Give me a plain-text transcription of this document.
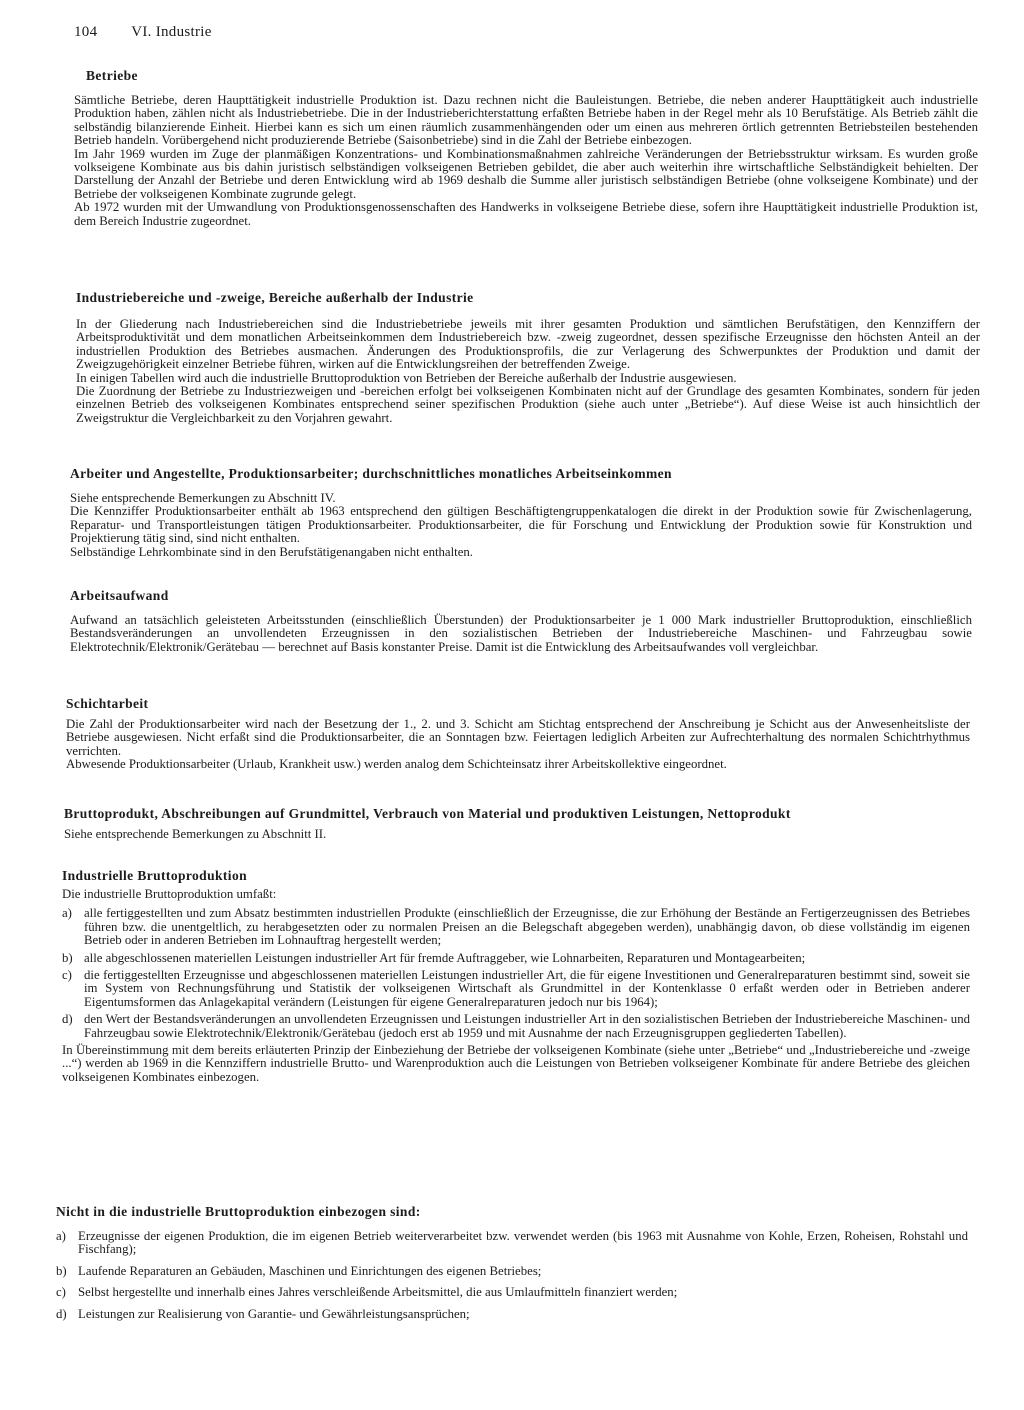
104 VI. Industrie
Betriebe

Sämtliche Betriebe, deren Haupttätigkeit industrielle Produktion ist. Dazu rechnen nicht die Bauleistungen. Betriebe, die neben anderer Haupttätigkeit auch industrielle Produktion haben, zählen nicht als Industriebetriebe. Die in der Industrieberichterstattung erfaßten Betriebe haben in der Regel mehr als 10 Berufstätige. Als Betrieb zählt die selbständig bilanzierende Einheit. Hierbei kann es sich um einen räumlich zusammenhängenden oder um einen aus mehreren örtlich getrennten Betriebsteilen bestehenden Betrieb handeln. Vorübergehend nicht produzierende Betriebe (Saisonbetriebe) sind in die Zahl der Betriebe einbezogen.

Im Jahr 1969 wurden im Zuge der planmäßigen Konzentrations- und Kombinationsmaßnahmen zahlreiche Veränderungen der Betriebsstruktur wirksam. Es wurden große volkseigene Kombinate aus bis dahin juristisch selbständigen volkseigenen Betrieben gebildet, die aber auch weiterhin ihre wirtschaftliche Selbständigkeit behielten. Der Darstellung der Anzahl der Betriebe und deren Entwicklung wird ab 1969 deshalb die Summe aller juristisch selbständigen Betriebe (ohne volkseigene Kombinate) und der Betriebe der volkseigenen Kombinate zugrunde gelegt.

Ab 1972 wurden mit der Umwandlung von Produktionsgenossenschaften des Handwerks in volkseigene Betriebe diese, sofern ihre Haupttätigkeit industrielle Produktion ist, dem Bereich Industrie zugeordnet.

Industriebereiche und -zweige, Bereiche außerhalb der Industrie

In der Gliederung nach Industriebereichen sind die Industriebetriebe jeweils mit ihrer gesamten Produktion und sämtlichen Berufstätigen, den Kennziffern der Arbeitsproduktivität und dem monatlichen Arbeitseinkommen dem Industriebereich bzw. -zweig zugeordnet, dessen spezifische Erzeugnisse den höchsten Anteil an der industriellen Produktion des Betriebes ausmachen. Änderungen des Produktionsprofils, die zur Verlagerung des Schwerpunktes der Produktion und damit der Zweigzugehörigkeit einzelner Betriebe führen, wirken auf die Entwicklungsreihen der betreffenden Zweige.

In einigen Tabellen wird auch die industrielle Bruttoproduktion von Betrieben der Bereiche außerhalb der Industrie ausgewiesen.

Die Zuordnung der Betriebe zu Industriezweigen und -bereichen erfolgt bei volkseigenen Kombinaten nicht auf der Grundlage des gesamten Kombinates, sondern für jeden einzelnen Betrieb des volkseigenen Kombinates entsprechend seiner spezifischen Produktion (siehe auch unter „Betriebe“). Auf diese Weise ist auch hinsichtlich der Zweigstruktur die Vergleichbarkeit zu den Vorjahren gewahrt.

Arbeiter und Angestellte, Produktionsarbeiter; durchschnittliches monatliches Arbeitseinkommen

Siehe entsprechende Bemerkungen zu Abschnitt IV.

Die Kennziffer Produktionsarbeiter enthält ab 1963 entsprechend den gültigen Beschäftigtengruppenkatalogen die direkt in der Produktion sowie für Zwischenlagerung, Reparatur- und Transportleistungen tätigen Produktionsarbeiter. Produktionsarbeiter, die für Forschung und Entwicklung der Produktion sowie für Konstruktion und Projektierung tätig sind, sind nicht enthalten.

Selbständige Lehrkombinate sind in den Berufstätigenangaben nicht enthalten.

Arbeitsaufwand

Aufwand an tatsächlich geleisteten Arbeitsstunden (einschließlich Überstunden) der Produktionsarbeiter je 1 000 Mark industrieller Bruttoproduktion, einschließlich Bestandsveränderungen an unvollendeten Erzeugnissen in den sozialistischen Betrieben der Industriebereiche Maschinen- und Fahrzeugbau sowie Elektrotechnik/Elektronik/Gerätebau — berechnet auf Basis konstanter Preise. Damit ist die Entwicklung des Arbeitsaufwandes voll vergleichbar.

Schichtarbeit

Die Zahl der Produktionsarbeiter wird nach der Besetzung der 1., 2. und 3. Schicht am Stichtag entsprechend der Anschreibung je Schicht aus der Anwesenheitsliste der Betriebe ausgewiesen. Nicht erfaßt sind die Produktionsarbeiter, die an Sonntagen bzw. Feiertagen lediglich Arbeiten zur Aufrechterhaltung des normalen Schichtrhythmus verrichten.

Abwesende Produktionsarbeiter (Urlaub, Krankheit usw.) werden analog dem Schichteinsatz ihrer Arbeitskollektive eingeordnet.

Bruttoprodukt, Abschreibungen auf Grundmittel, Verbrauch von Material und produktiven Leistungen, Nettoprodukt

Siehe entsprechende Bemerkungen zu Abschnitt II.

Industrielle Bruttoproduktion

Die industrielle Bruttoproduktion umfaßt:

a) alle fertiggestellten und zum Absatz bestimmten industriellen Produkte (einschließlich der Erzeugnisse, die zur Erhöhung der Bestände an Fertigerzeugnissen des Betriebes führen bzw. die unentgeltlich, zu herabgesetzten oder zu normalen Preisen an die Belegschaft abgegeben werden), unabhängig davon, ob diese vollständig im eigenen Betrieb oder in anderen Betrieben im Lohnauftrag hergestellt werden;
b) alle abgeschlossenen materiellen Leistungen industrieller Art für fremde Auftraggeber, wie Lohnarbeiten, Reparaturen und Montagearbeiten;
c) die fertiggestellten Erzeugnisse und abgeschlossenen materiellen Leistungen industrieller Art, die für eigene Investitionen und Generalreparaturen bestimmt sind, soweit sie im System von Rechnungsführung und Statistik der volkseigenen Wirtschaft als Grundmittel in der Kontenklasse 0 erfaßt werden oder in Betrieben anderer Eigentumsformen das Anlagekapital verändern (Leistungen für eigene Generalreparaturen jedoch nur bis 1964);
d) den Wert der Bestandsveränderungen an unvollendeten Erzeugnissen und Leistungen industrieller Art in den sozialistischen Betrieben der Industriebereiche Maschinen- und Fahrzeugbau sowie Elektrotechnik/Elektronik/Gerätebau (jedoch erst ab 1959 und mit Ausnahme der nach Erzeugnisgruppen gegliederten Tabellen).

In Übereinstimmung mit dem bereits erläuterten Prinzip der Einbeziehung der Betriebe der volkseigenen Kombinate (siehe unter „Betriebe“ und „Industriebereiche und -zweige ...“) werden ab 1969 in die Kennziffern industrielle Brutto- und Warenproduktion auch die Leistungen von Betrieben volkseigener Kombinate für andere Betriebe des gleichen volkseigenen Kombinates einbezogen.

Nicht in die industrielle Bruttoproduktion einbezogen sind:
a) Erzeugnisse der eigenen Produktion, die im eigenen Betrieb weiterverarbeitet bzw. verwendet werden (bis 1963 mit Ausnahme von Kohle, Erzen, Roheisen, Rohstahl und Fischfang);
b) Laufende Reparaturen an Gebäuden, Maschinen und Einrichtungen des eigenen Betriebes;
c) Selbst hergestellte und innerhalb eines Jahres verschleißende Arbeitsmittel, die aus Umlaufmitteln finanziert werden;
d) Leistungen zur Realisierung von Garantie- und Gewährleistungsansprüchen;
